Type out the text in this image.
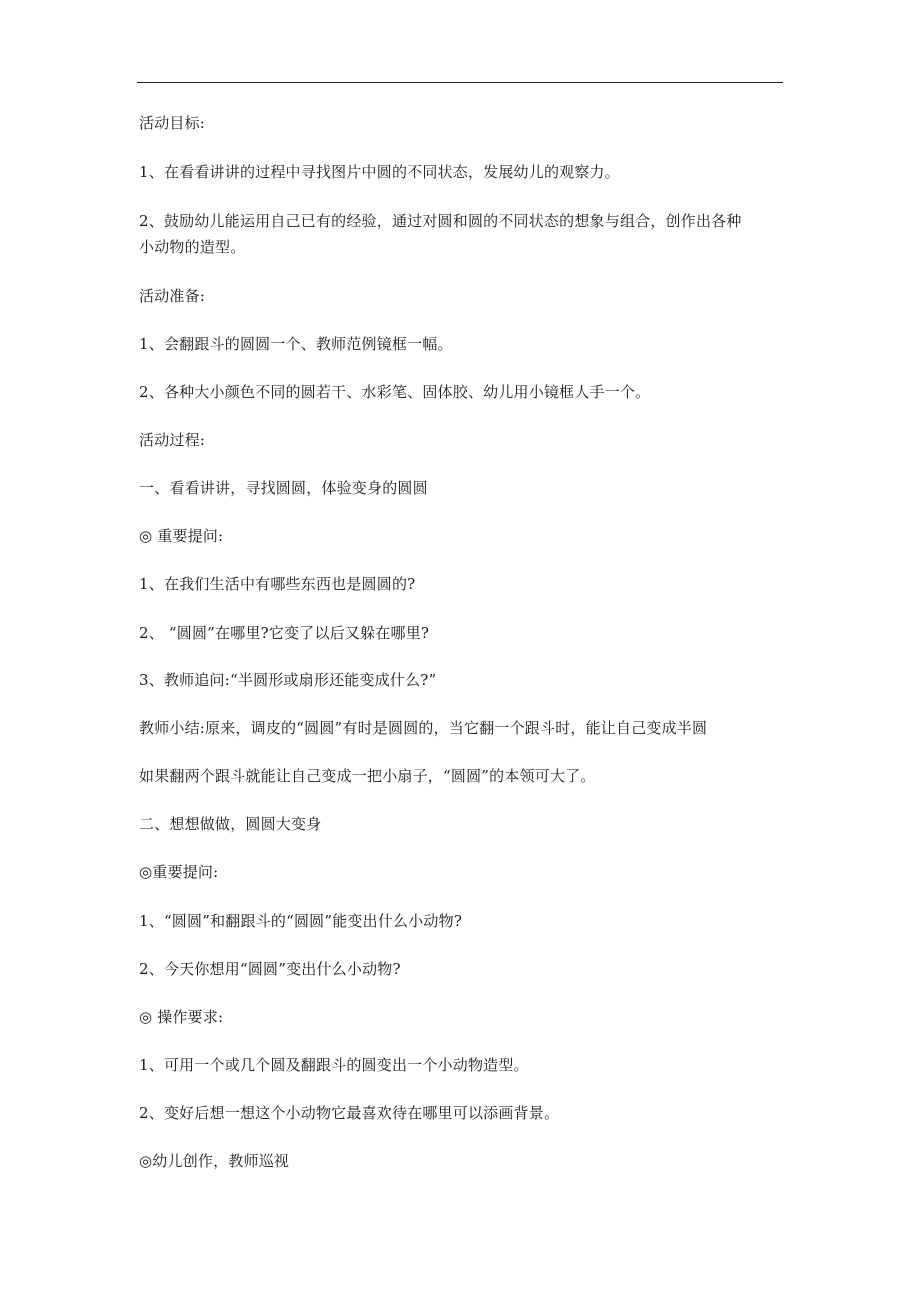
活动目标:
1、在看看讲讲的过程中寻找图片中圆的不同状态，发展幼儿的观察力。
2、鼓励幼儿能运用自己已有的经验，通过对圆和圆的不同状态的想象与组合，创作出各种
小动物的造型。
活动准备:
1、会翻跟斗的圆圆一个、教师范例镜框一幅。
2、各种大小颜色不同的圆若干、水彩笔、固体胶、幼儿用小镜框人手一个。
活动过程:
一、看看讲讲，寻找圆圆，体验变身的圆圆
◎ 重要提问:
1、在我们生活中有哪些东西也是圆圆的?
2、 “圆圆”在哪里?它变了以后又躲在哪里?
3、教师追问:“半圆形或扇形还能变成什么?”
教师小结:原来，调皮的“圆圆”有时是圆圆的，当它翻一个跟斗时，能让自己变成半圆
如果翻两个跟斗就能让自己变成一把小扇子，“圆圆”的本领可大了。
二、想想做做，圆圆大变身
◎重要提问:
1、“圆圆”和翻跟斗的“圆圆”能变出什么小动物?
2、今天你想用“圆圆”变出什么小动物?
◎ 操作要求:
1、可用一个或几个圆及翻跟斗的圆变出一个小动物造型。
2、变好后想一想这个小动物它最喜欢待在哪里可以添画背景。
◎幼儿创作，教师巡视
